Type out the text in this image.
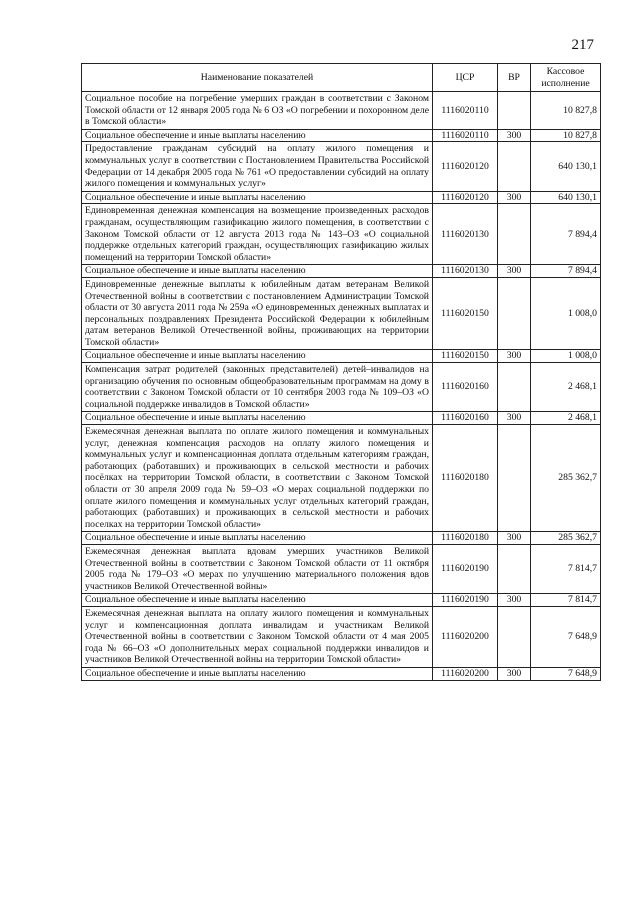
217
Наименование показателей	ЦСР	ВР	Кассовое исполнение
Социальное пособие на погребение умерших граждан в соответствии с Законом Томской области от 12 января 2005 года № 6 ОЗ «О погребении и похоронном деле в Томской области»	1116020110		10 827,8
Социальное обеспечение и иные выплаты населению	1116020110	300	10 827,8
Предоставление гражданам субсидий на оплату жилого помещения и коммунальных услуг в соответствии с Постановлением Правительства Российской Федерации от 14 декабря 2005 года № 761 «О предоставлении субсидий на оплату жилого помещения и коммунальных услуг»	1116020120		640 130,1
Социальное обеспечение и иные выплаты населению	1116020120	300	640 130,1
Единовременная денежная компенсация на возмещение произведенных расходов гражданам, осуществляющим газификацию жилого помещения, в соответствии с Законом Томской области от 12 августа 2013 года № 143–ОЗ «О социальной поддержке отдельных категорий граждан, осуществляющих газификацию жилых помещений на территории Томской области»	1116020130		7 894,4
Социальное обеспечение и иные выплаты населению	1116020130	300	7 894,4
Единовременные денежные выплаты к юбилейным датам ветеранам Великой Отечественной войны в соответствии с постановлением Администрации Томской области от 30 августа 2011 года № 259а «О единовременных денежных выплатах и персональных поздравлениях Президента Российской Федерации к юбилейным датам ветеранов Великой Отечественной войны, проживающих на территории Томской области»	1116020150		1 008,0
Социальное обеспечение и иные выплаты населению	1116020150	300	1 008,0
Компенсация затрат родителей (законных представителей) детей–инвалидов на организацию обучения по основным общеобразовательным программам на дому в соответствии с Законом Томской области от 10 сентября 2003 года № 109–ОЗ «О социальной поддержке инвалидов в Томской области»	1116020160		2 468,1
Социальное обеспечение и иные выплаты населению	1116020160	300	2 468,1
Ежемесячная денежная выплата по оплате жилого помещения и коммунальных услуг, денежная компенсация расходов на оплату жилого помещения и коммунальных услуг и компенсационная доплата отдельным категориям граждан, работающих (работавших) и проживающих в сельской местности и рабочих посёлках на территории Томской области, в соответствии с Законом Томской области от 30 апреля 2009 года № 59–ОЗ «О мерах социальной поддержки по оплате жилого помещения и коммунальных услуг отдельных категорий граждан, работающих (работавших) и проживающих в сельской местности и рабочих поселках на территории Томской области»	1116020180		285 362,7
Социальное обеспечение и иные выплаты населению	1116020180	300	285 362,7
Ежемесячная денежная выплата вдовам умерших участников Великой Отечественной войны в соответствии с Законом Томской области от 11 октября 2005 года № 179–ОЗ «О мерах по улучшению материального положения вдов участников Великой Отечественной войны»	1116020190		7 814,7
Социальное обеспечение и иные выплаты населению	1116020190	300	7 814,7
Ежемесячная денежная выплата на оплату жилого помещения и коммунальных услуг и компенсационная доплата инвалидам и участникам Великой Отечественной войны в соответствии с Законом Томской области от 4 мая 2005 года № 66–ОЗ «О дополнительных мерах социальной поддержки инвалидов и участников Великой Отечественной войны на территории Томской области»	1116020200		7 648,9
Социальное обеспечение и иные выплаты населению	1116020200	300	7 648,9
